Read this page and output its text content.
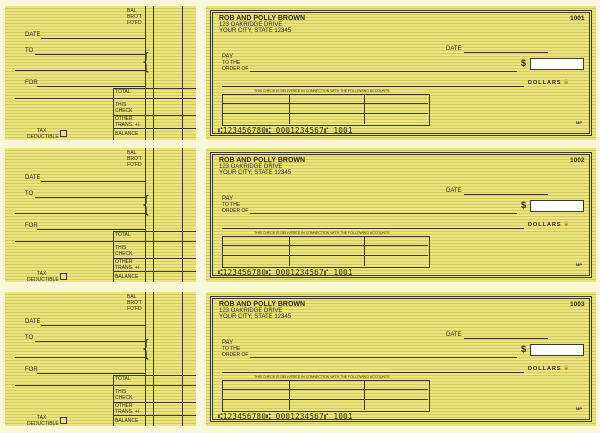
BAL
BRO'T
FO'FD
DATE
TO
FOR
{
TOTAL
THIS
CHECK
OTHER
TRANS. +/-
TAX
DEDUCTIBLE	BALANCE
ROB AND POLLY BROWN
123 OAKRIDGE DRIVE
YOUR CITY, STATE 12345
1001
DATE
PAY
TO THE
ORDER OF
$
DOLLARS 🔒
THIS CHECK IS DELIVERED IN CONNECTION WITH THE FOLLOWING ACCOUNTS
⑆123456780⑆ 0001234567⑈ 1001
MP
BAL
BRO'T
FO'FD
DATE
TO
FOR
{
TOTAL
THIS
CHECK
OTHER
TRANS. +/-
TAX
DEDUCTIBLE	BALANCE
ROB AND POLLY BROWN
123 OAKRIDGE DRIVE
YOUR CITY, STATE 12345
1002
DATE
PAY
TO THE
ORDER OF
$
DOLLARS 🔒
THIS CHECK IS DELIVERED IN CONNECTION WITH THE FOLLOWING ACCOUNTS
⑆123456780⑆ 0001234567⑈ 1001
MP
BAL
BRO'T
FO'FD
DATE
TO
FOR
{
TOTAL
THIS
CHECK
OTHER
TRANS. +/-
TAX
DEDUCTIBLE	BALANCE
ROB AND POLLY BROWN
123 OAKRIDGE DRIVE
YOUR CITY, STATE 12345
1003
DATE
PAY
TO THE
ORDER OF
$
DOLLARS 🔒
THIS CHECK IS DELIVERED IN CONNECTION WITH THE FOLLOWING ACCOUNTS
⑆123456780⑆ 0001234567⑈ 1001
MP
